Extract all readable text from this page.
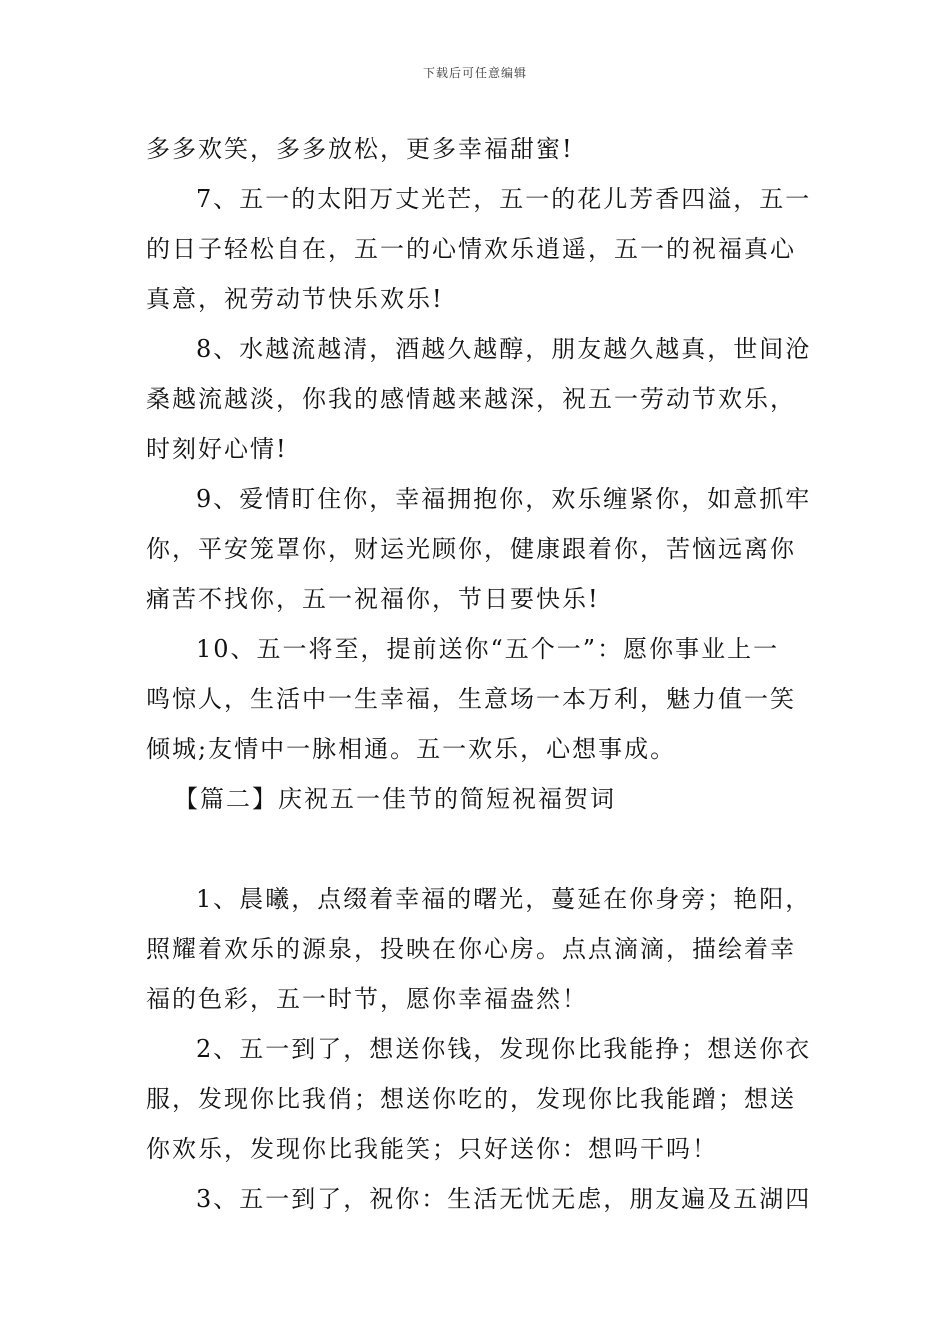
下载后可任意编辑
多多欢笑，多多放松，更多幸福甜蜜!
7、五一的太阳万丈光芒，五一的花儿芳香四溢，五一
的日子轻松自在，五一的心情欢乐逍遥，五一的祝福真心
真意，祝劳动节快乐欢乐!
8、水越流越清，酒越久越醇，朋友越久越真，世间沧
桑越流越淡，你我的感情越来越深，祝五一劳动节欢乐，
时刻好心情!
9、爱情盯住你，幸福拥抱你，欢乐缠紧你，如意抓牢
你，平安笼罩你，财运光顾你，健康跟着你，苦恼远离你
痛苦不找你，五一祝福你，节日要快乐!
10、五一将至，提前送你“五个一”：愿你事业上一
鸣惊人，生活中一生幸福，生意场一本万利，魅力值一笑
倾城;友情中一脉相通。五一欢乐，心想事成。
【篇二】庆祝五一佳节的简短祝福贺词
1、晨曦，点缀着幸福的曙光，蔓延在你身旁；艳阳，
照耀着欢乐的源泉，投映在你心房。点点滴滴，描绘着幸
福的色彩，五一时节，愿你幸福盎然！
2、五一到了，想送你钱，发现你比我能挣；想送你衣
服，发现你比我俏；想送你吃的，发现你比我能蹭；想送
你欢乐，发现你比我能笑；只好送你：想吗干吗！
3、五一到了，祝你：生活无忧无虑，朋友遍及五湖四
